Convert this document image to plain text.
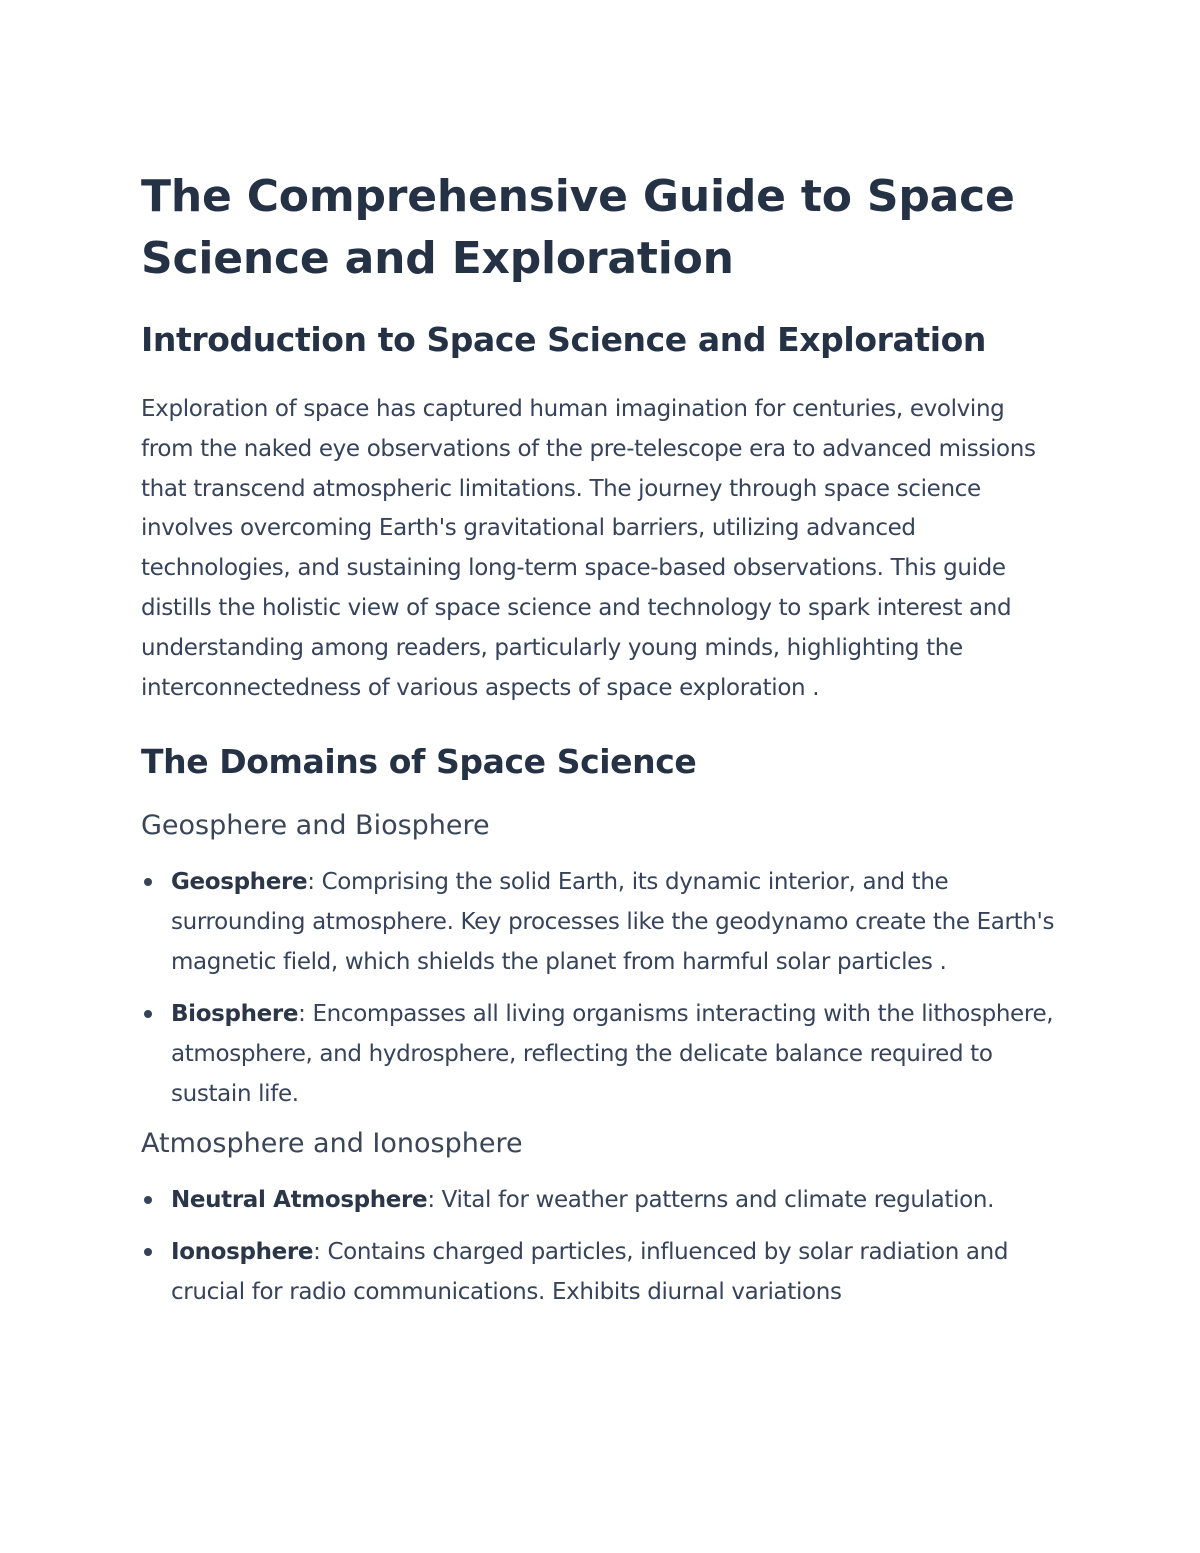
The Comprehensive Guide to Space Science and Exploration
Introduction to Space Science and Exploration

Exploration of space has captured human imagination for centuries, evolving from the naked eye observations of the pre-telescope era to advanced missions that transcend atmospheric limitations. The journey through space science involves overcoming Earth's gravitational barriers, utilizing advanced technologies, and sustaining long-term space-based observations. This guide distills the holistic view of space science and technology to spark interest and understanding among readers, particularly young minds, highlighting the interconnectedness of various aspects of space exploration .

The Domains of Space Science
Geosphere and Biosphere
Geosphere: Comprising the solid Earth, its dynamic interior, and the surrounding atmosphere. Key processes like the geodynamo create the Earth's magnetic field, which shields the planet from harmful solar particles .
Biosphere: Encompasses all living organisms interacting with the lithosphere, atmosphere, and hydrosphere, reflecting the delicate balance required to sustain life.
Atmosphere and Ionosphere
Neutral Atmosphere: Vital for weather patterns and climate regulation.
Ionosphere: Contains charged particles, influenced by solar radiation and crucial for radio communications. Exhibits diurnal variations
